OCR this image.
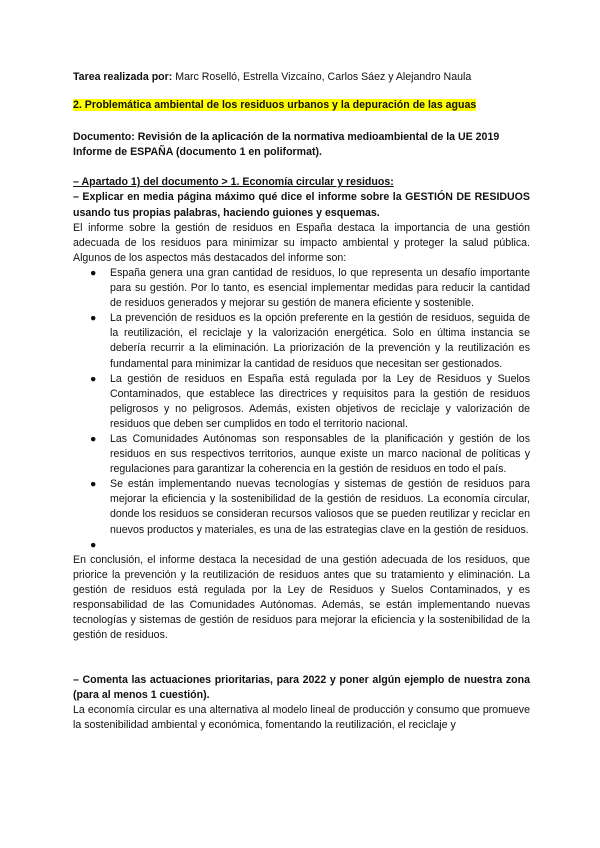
Tarea realizada por: Marc Roselló, Estrella Vizcaíno, Carlos Sáez y Alejandro Naula

2. Problemática ambiental de los residuos urbanos y la depuración de las aguas

Documento: Revisión de la aplicación de la normativa medioambiental de la UE 2019 Informe de ESPAÑA (documento 1 en poliformat).

– Apartado 1) del documento > 1. Economía circular y residuos:

– Explicar en media página máximo qué dice el informe sobre la GESTIÓN DE RESIDUOS usando tus propias palabras, haciendo guiones y esquemas.

El informe sobre la gestión de residuos en España destaca la importancia de una gestión adecuada de los residuos para minimizar su impacto ambiental y proteger la salud pública. Algunos de los aspectos más destacados del informe son:

● España genera una gran cantidad de residuos, lo que representa un desafío importante para su gestión. Por lo tanto, es esencial implementar medidas para reducir la cantidad de residuos generados y mejorar su gestión de manera eficiente y sostenible.
● La prevención de residuos es la opción preferente en la gestión de residuos, seguida de la reutilización, el reciclaje y la valorización energética. Solo en última instancia se debería recurrir a la eliminación. La priorización de la prevención y la reutilización es fundamental para minimizar la cantidad de residuos que necesitan ser gestionados.
● La gestión de residuos en España está regulada por la Ley de Residuos y Suelos Contaminados, que establece las directrices y requisitos para la gestión de residuos peligrosos y no peligrosos. Además, existen objetivos de reciclaje y valorización de residuos que deben ser cumplidos en todo el territorio nacional.
● Las Comunidades Autónomas son responsables de la planificación y gestión de los residuos en sus respectivos territorios, aunque existe un marco nacional de políticas y regulaciones para garantizar la coherencia en la gestión de residuos en todo el país.
● Se están implementando nuevas tecnologías y sistemas de gestión de residuos para mejorar la eficiencia y la sostenibilidad de la gestión de residuos. La economía circular, donde los residuos se consideran recursos valiosos que se pueden reutilizar y reciclar en nuevos productos y materiales, es una de las estrategias clave en la gestión de residuos.
●

En conclusión, el informe destaca la necesidad de una gestión adecuada de los residuos, que priorice la prevención y la reutilización de residuos antes que su tratamiento y eliminación. La gestión de residuos está regulada por la Ley de Residuos y Suelos Contaminados, y es responsabilidad de las Comunidades Autónomas. Además, se están implementando nuevas tecnologías y sistemas de gestión de residuos para mejorar la eficiencia y la sostenibilidad de la gestión de residuos.

– Comenta las actuaciones prioritarias, para 2022 y poner algún ejemplo de nuestra zona (para al menos 1 cuestión).

La economía circular es una alternativa al modelo lineal de producción y consumo que promueve la sostenibilidad ambiental y económica, fomentando la reutilización, el reciclaje y
